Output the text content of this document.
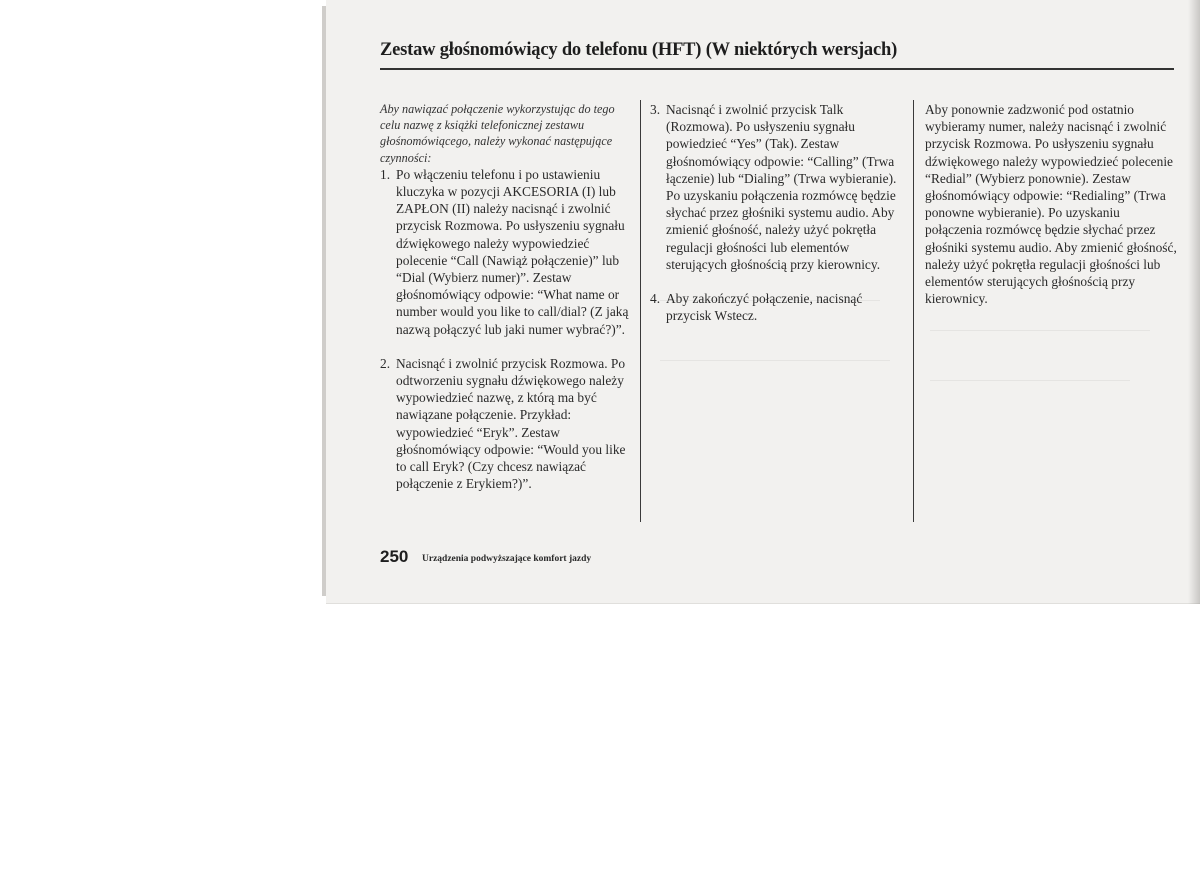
Zestaw głośnomówiący do telefonu (HFT) (W niektórych wersjach)

Aby nawiązać połączenie wykorzystując do tego celu nazwę z książki telefonicznej zestawu głośnomówiącego, należy wykonać następujące czynności:

1. Po włączeniu telefonu i po ustawieniu kluczyka w pozycji AKCESORIA (I) lub ZAPŁON (II) należy nacisnąć i zwolnić przycisk Rozmowa. Po usłyszeniu sygnału dźwiękowego należy wypowiedzieć polecenie “Call (Nawiąż połączenie)” lub “Dial (Wybierz numer)”. Zestaw głośnomówiący odpowie: “What name or number would you like to call/dial? (Z jaką nazwą połączyć lub jaki numer wybrać?)”.
2. Nacisnąć i zwolnić przycisk Rozmowa. Po odtworzeniu sygnału dźwiękowego należy wypowiedzieć nazwę, z którą ma być nawiązane połączenie. Przykład: wypowiedzieć “Eryk”. Zestaw głośnomówiący odpowie: “Would you like to call Eryk? (Czy chcesz nawiązać połączenie z Erykiem?)”.
3. Nacisnąć i zwolnić przycisk Talk (Rozmowa). Po usłyszeniu sygnału powiedzieć “Yes” (Tak). Zestaw głośnomówiący odpowie: “Calling” (Trwa łączenie) lub “Dialing” (Trwa wybieranie). Po uzyskaniu połączenia rozmówcę będzie słychać przez głośniki systemu audio. Aby zmienić głośność, należy użyć pokrętła regulacji głośności lub elementów sterujących głośnością przy kierownicy.
4. Aby zakończyć połączenie, nacisnąć przycisk Wstecz.

Aby ponownie zadzwonić pod ostatnio wybieramy numer, należy nacisnąć i zwolnić przycisk Rozmowa. Po usłyszeniu sygnału dźwiękowego należy wypowiedzieć polecenie “Redial” (Wybierz ponownie). Zestaw głośnomówiący odpowie: “Redialing” (Trwa ponowne wybieranie). Po uzyskaniu połączenia rozmówcę będzie słychać przez głośniki systemu audio. Aby zmienić głośność, należy użyć pokrętła regulacji głośności lub elementów sterujących głośnością przy kierownicy.

250 Urządzenia podwyższające komfort jazdy
